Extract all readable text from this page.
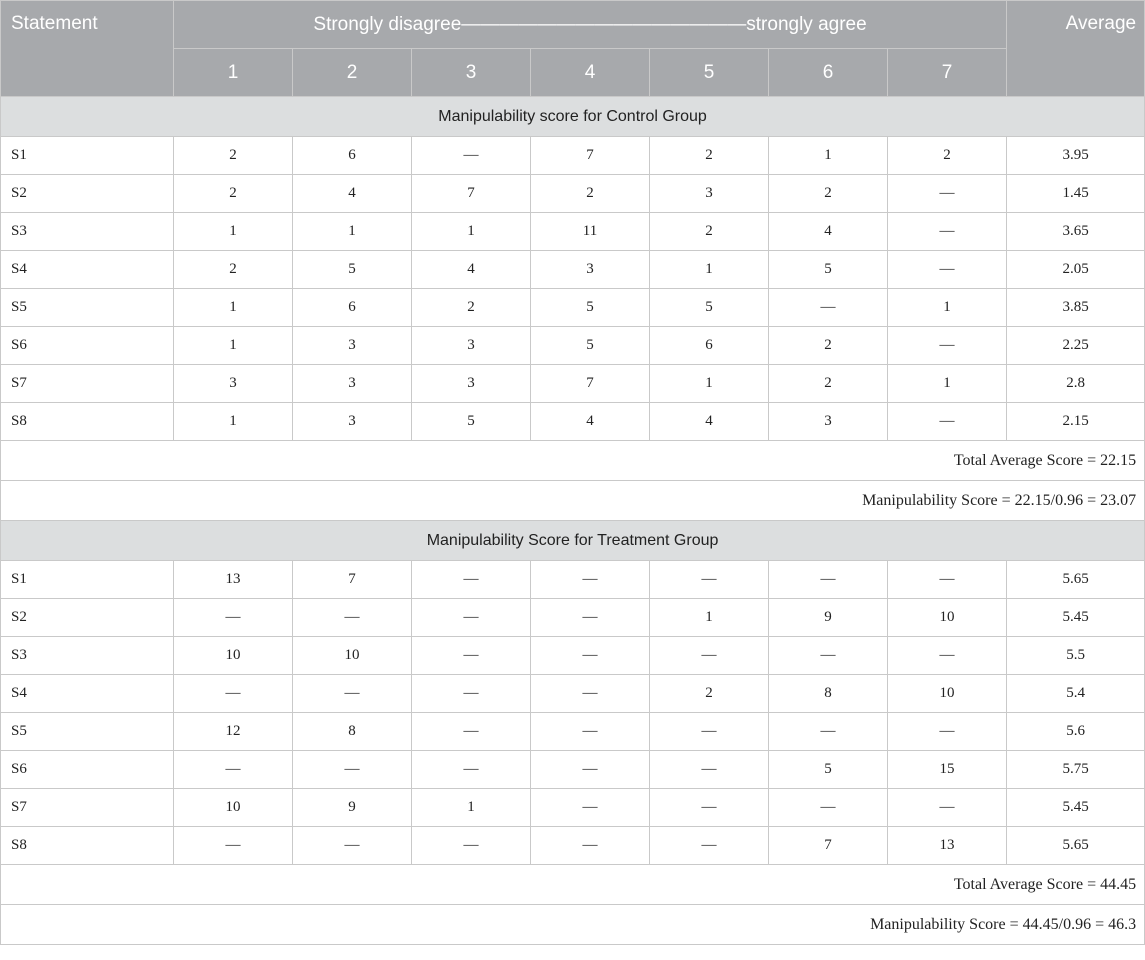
Statement	Strongly disagree———————————————strongly agree							Average
	1	2	3	4	5	6	7	
Manipulability score for Control Group								
S1	2	6	—	7	2	1	2	3.95
S2	2	4	7	2	3	2	—	1.45
S3	1	1	1	11	2	4	—	3.65
S4	2	5	4	3	1	5	—	2.05
S5	1	6	2	5	5	—	1	3.85
S6	1	3	3	5	6	2	—	2.25
S7	3	3	3	7	1	2	1	2.8
S8	1	3	5	4	4	3	—	2.15
Total Average Score = 22.15								
Manipulability Score = 22.15/0.96 = 23.07								
Manipulability Score for Treatment Group								
S1	13	7	—	—	—	—	—	5.65
S2	—	—	—	—	1	9	10	5.45
S3	10	10	—	—	—	—	—	5.5
S4	—	—	—	—	2	8	10	5.4
S5	12	8	—	—	—	—	—	5.6
S6	—	—	—	—	—	5	15	5.75
S7	10	9	1	—	—	—	—	5.45
S8	—	—	—	—	—	7	13	5.65
Total Average Score = 44.45								
Manipulability Score = 44.45/0.96 = 46.3								
